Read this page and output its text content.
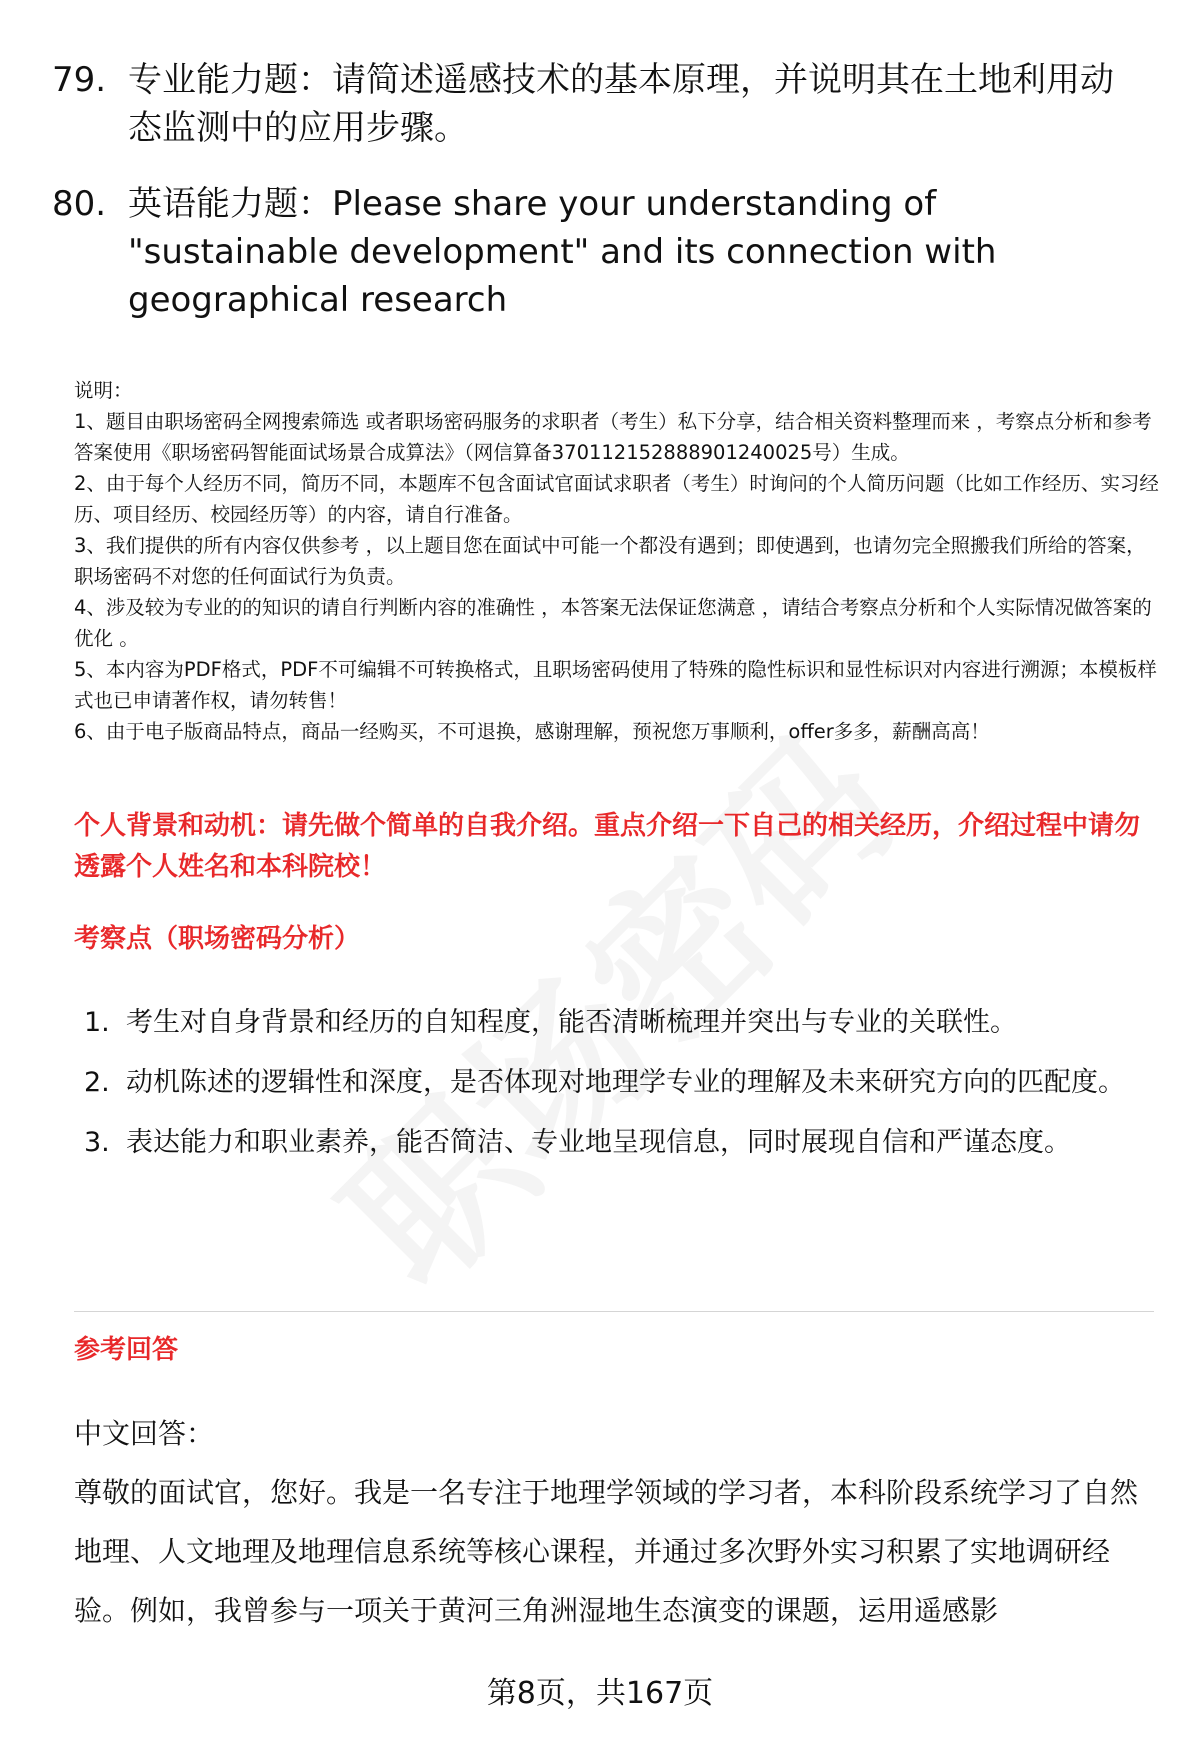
79. 专业能力题：请简述遥感技术的基本原理，并说明其在土地利用动态监测中的应用步骤。
80. 英语能力题：Please share your understanding of "sustainable development" and its connection with geographical research

说明：

1、题目由职场密码全网搜索筛选 或者职场密码服务的求职者（考生）私下分享，结合相关资料整理而来 ，考察点分析和参考答案使用《职场密码智能面试场景合成算法》（网信算备370112152888901240025号）生成。

2、由于每个人经历不同，简历不同，本题库不包含面试官面试求职者（考生）时询问的个人简历问题（比如工作经历、实习经历、项目经历、校园经历等）的内容，请自行准备。

3、我们提供的所有内容仅供参考 ，以上题目您在面试中可能一个都没有遇到；即使遇到，也请勿完全照搬我们所给的答案，职场密码不对您的任何面试行为负责。

4、涉及较为专业的的知识的请自行判断内容的准确性 ，本答案无法保证您满意 ，请结合考察点分析和个人实际情况做答案的优化 。

5、本内容为PDF格式，PDF不可编辑不可转换格式，且职场密码使用了特殊的隐性标识和显性标识对内容进行溯源；本模板样式也已申请著作权，请勿转售！

6、由于电子版商品特点，商品一经购买，不可退换，感谢理解，预祝您万事顺利，offer多多，薪酬高高！

个人背景和动机：请先做个简单的自我介绍。重点介绍一下自己的相关经历，介绍过程中请勿透露个人姓名和本科院校！
考察点（职场密码分析）
1. 考生对自身背景和经历的自知程度，能否清晰梳理并突出与专业的关联性。
2. 动机陈述的逻辑性和深度，是否体现对地理学专业的理解及未来研究方向的匹配度。
3. 表达能力和职业素养，能否简洁、专业地呈现信息，同时展现自信和严谨态度。
参考回答

中文回答：

尊敬的面试官，您好。我是一名专注于地理学领域的学习者，本科阶段系统学习了自然地理、人文地理及地理信息系统等核心课程，并通过多次野外实习积累了实地调研经验。例如，我曾参与一项关于黄河三角洲湿地生态演变的课题，运用遥感影

第8页，共167页
